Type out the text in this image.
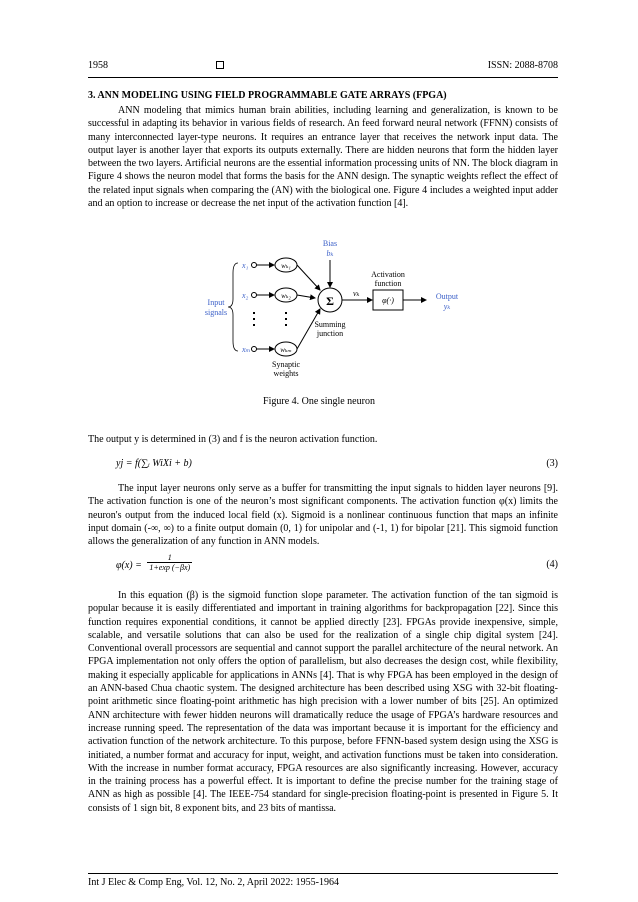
1958	ISSN: 2088-8708
3. ANN MODELING USING FIELD PROGRAMMABLE GATE ARRAYS (FPGA)
ANN modeling that mimics human brain abilities, including learning and generalization, is known to be successful in adapting its behavior in various fields of research. An feed forward neural network (FFNN) consists of many interconnected layer-type neurons. It requires an entrance layer that receives the network input data. The output layer is another layer that exports its outputs externally. There are hidden neurons that form the hidden layer between the two layers. Artificial neurons are the essential information processing units of NN. The block diagram in Figure 4 shows the neuron model that forms the basis for the ANN design. The synaptic weights reflect the effect of the related input signals when comparing the (AN) with the biological one. Figure 4 includes a weighted input adder and an option to increase or decrease the net input of the activation function [4].
Bias
bₖ
x₁	wₖ₁
x₂	wₖ₂
xₘ	wₖₘ
Input
signals
Σ
Summing
junction
Synaptic
weights
vₖ
Activation
function
φ(·)	Output
yₖ
Figure 4. One single neuron
The output y is determined in (3) and f is the neuron activation function.
yj = f(∑ᵢ WiXi + b)	(3)
The input layer neurons only serve as a buffer for transmitting the input signals to hidden layer neurons [9]. The activation function is one of the neuron’s most significant components. The activation function φ(x) limits the neuron's output from the induced local field (x). Sigmoid is a nonlinear continuous function that maps an infinite input domain (-∞, ∞) to a finite output domain (0, 1) for unipolar and (-1, 1) for bipolar [21]. This sigmoid function allows the generalization of any function in ANN models.
$\varphi(x) = \frac{1}{1+\exp (-\beta x)}$	(4)
In this equation (β) is the sigmoid function slope parameter. The activation function of the tan sigmoid is popular because it is easily differentiated and important in training algorithms for backpropagation [22]. Since this function requires exponential conditions, it cannot be applied directly [23]. FPGAs provide inexpensive, simple, scalable, and versatile solutions that can also be used for the realization of a single chip digital system [24]. Conventional overall processors are sequential and cannot support the parallel architecture of the neural network. An FPGA implementation not only offers the option of parallelism, but also decreases the design cost, while flexibility, making it especially applicable for applications in ANNs [4]. That is why FPGA has been employed in the design of an ANN-based Chua chaotic system. The designed architecture has been described using XSG with 32-bit floating-point arithmetic since floating-point arithmetic has high precision with a lower number of bits [25]. An optimized ANN architecture with fewer hidden neurons will dramatically reduce the usage of FPGA’s hardware resources and increase running speed. The representation of the data was important because it is important for the efficiency and activation function of the network architecture. To this purpose, before FFNN-based system design using the XSG is initiated, a number format and accuracy for input, weight, and activation functions must be taken into consideration. With the increase in number format accuracy, FPGA resources are also significantly increasing. However, accuracy in the training process has a powerful effect. It is important to define the precise number for the training stage of ANN as high as possible [4]. The IEEE-754 standard for single-precision floating-point is presented in Figure 5. It consists of 1 sign bit, 8 exponent bits, and 23 bits of mantissa.
Int J Elec & Comp Eng, Vol. 12, No. 2, April 2022: 1955-1964
